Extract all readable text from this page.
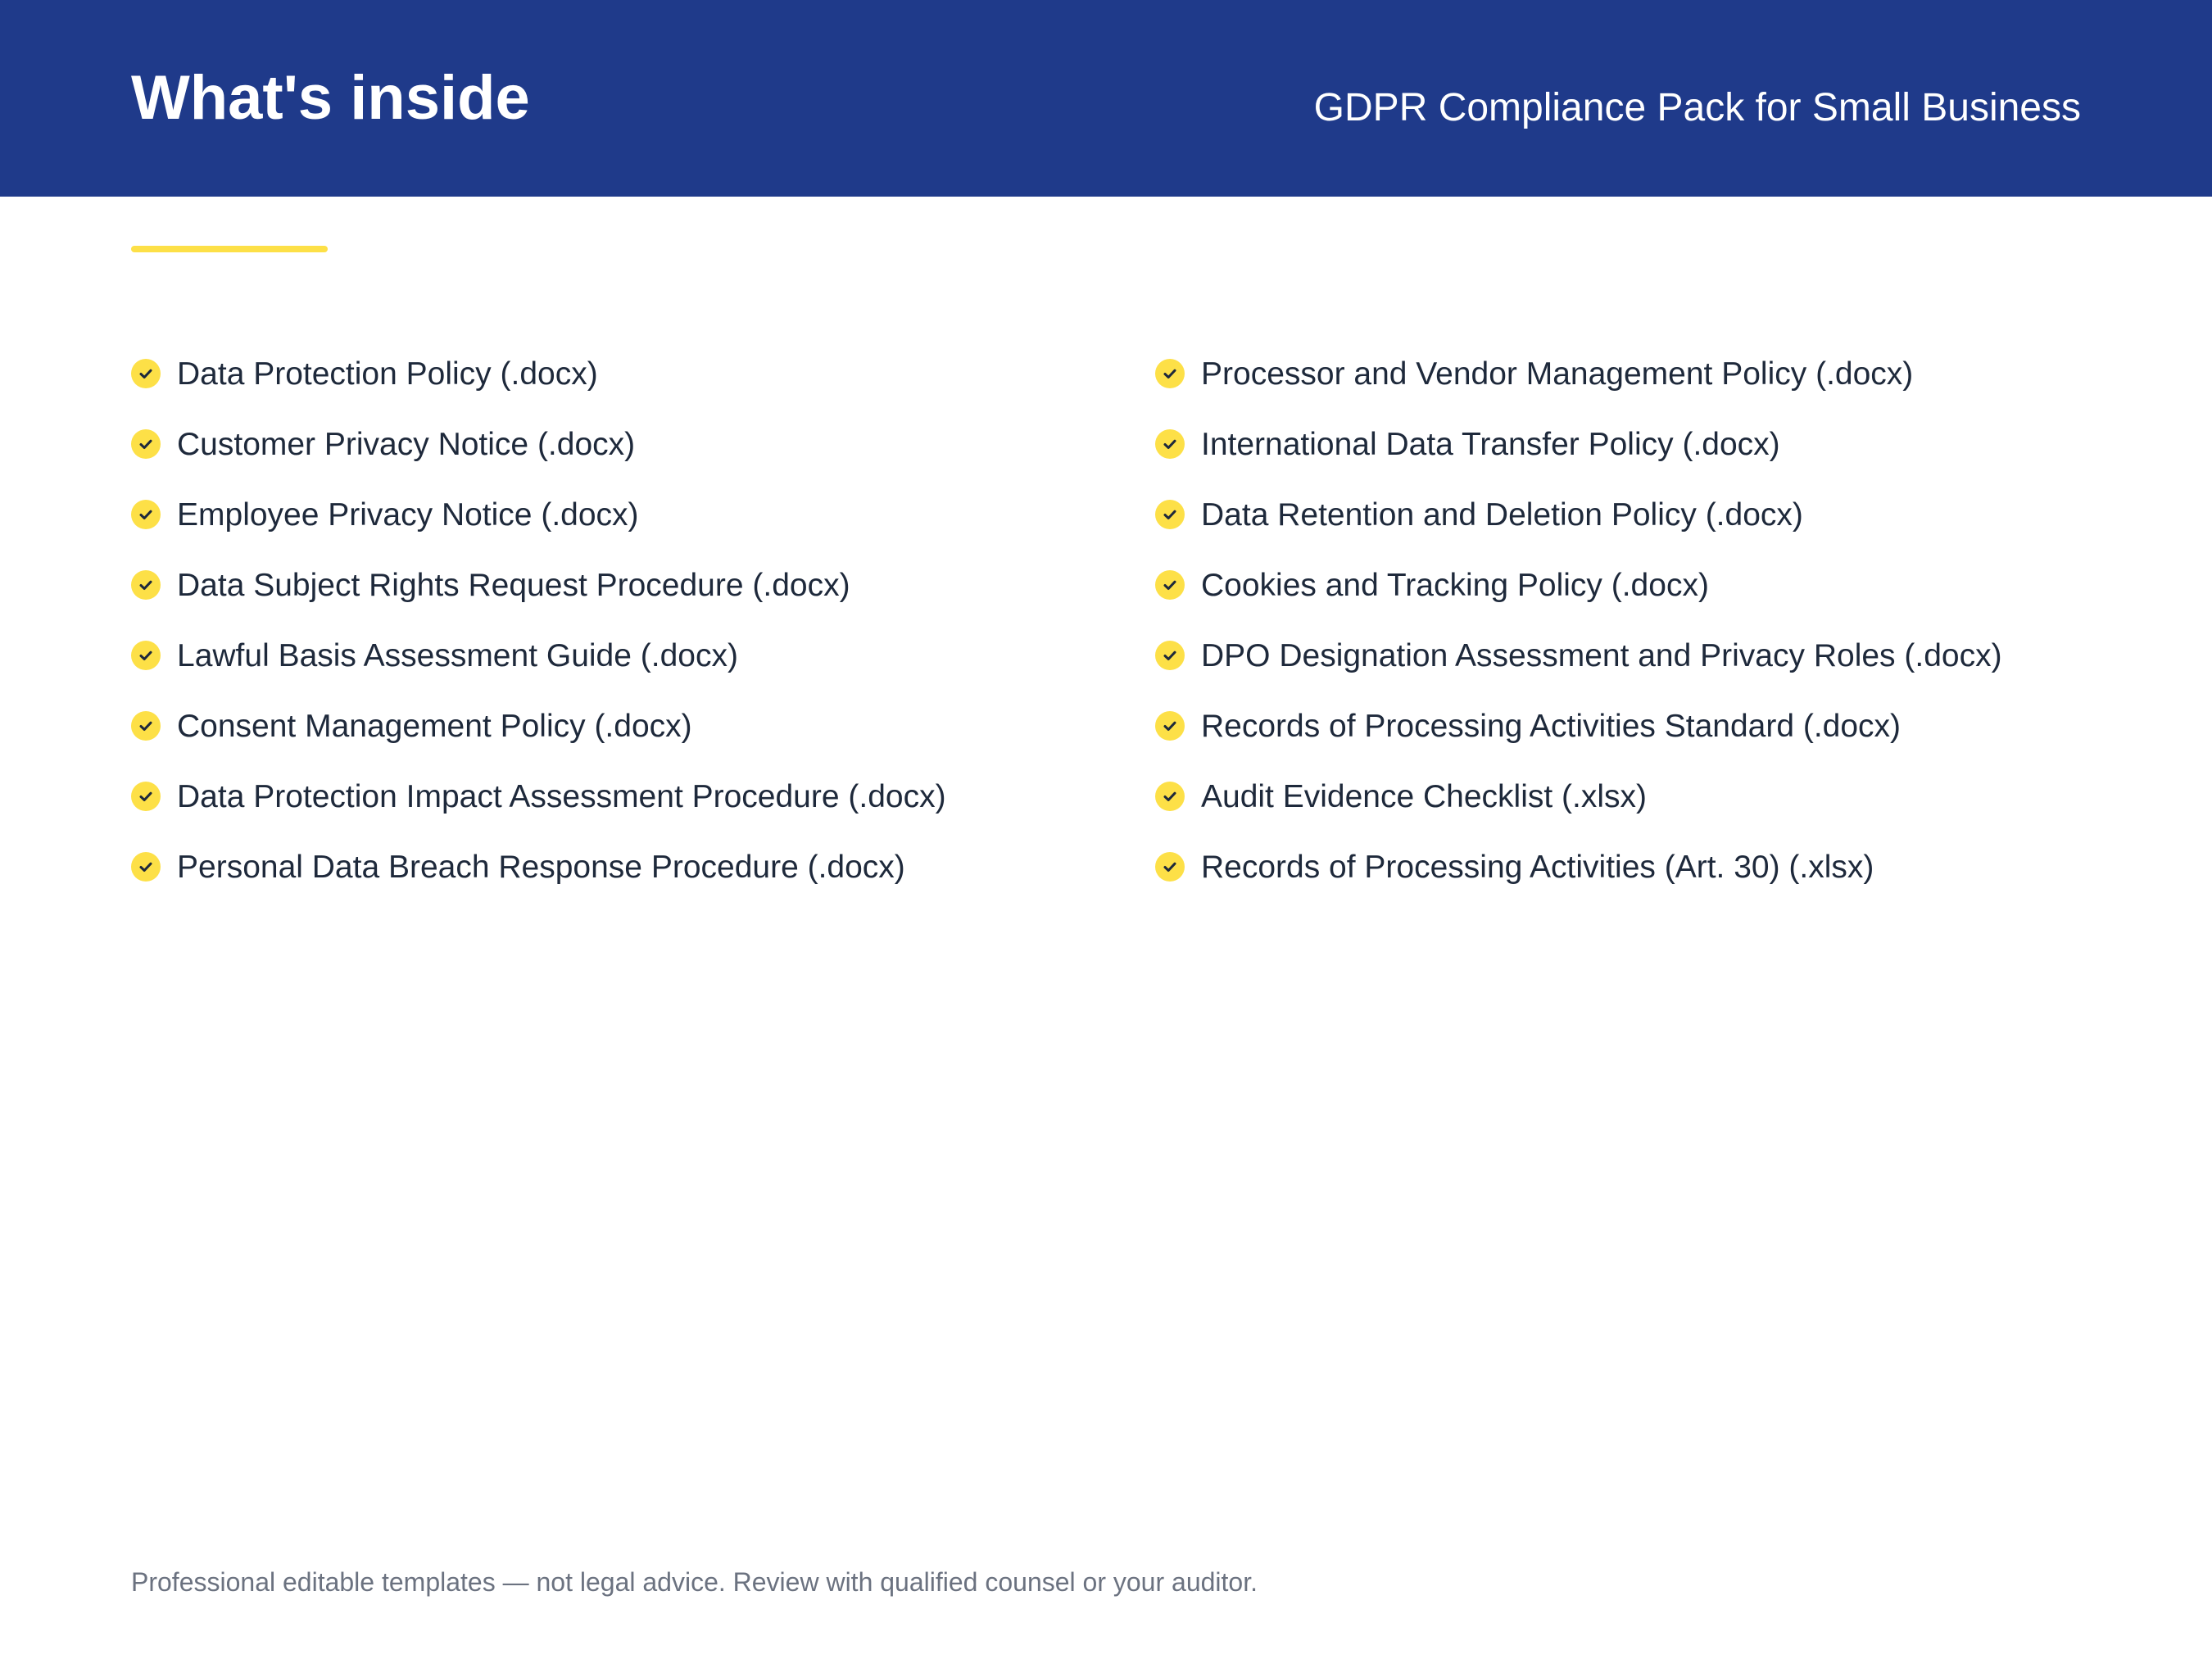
What's inside	GDPR Compliance Pack for Small Business
Data Protection Policy (.docx)
Customer Privacy Notice (.docx)
Employee Privacy Notice (.docx)
Data Subject Rights Request Procedure (.docx)
Lawful Basis Assessment Guide (.docx)
Consent Management Policy (.docx)
Data Protection Impact Assessment Procedure (.docx)
Personal Data Breach Response Procedure (.docx)
Processor and Vendor Management Policy (.docx)
International Data Transfer Policy (.docx)
Data Retention and Deletion Policy (.docx)
Cookies and Tracking Policy (.docx)
DPO Designation Assessment and Privacy Roles (.docx)
Records of Processing Activities Standard (.docx)
Audit Evidence Checklist (.xlsx)
Records of Processing Activities (Art. 30) (.xlsx)
Professional editable templates — not legal advice. Review with qualified counsel or your auditor.
